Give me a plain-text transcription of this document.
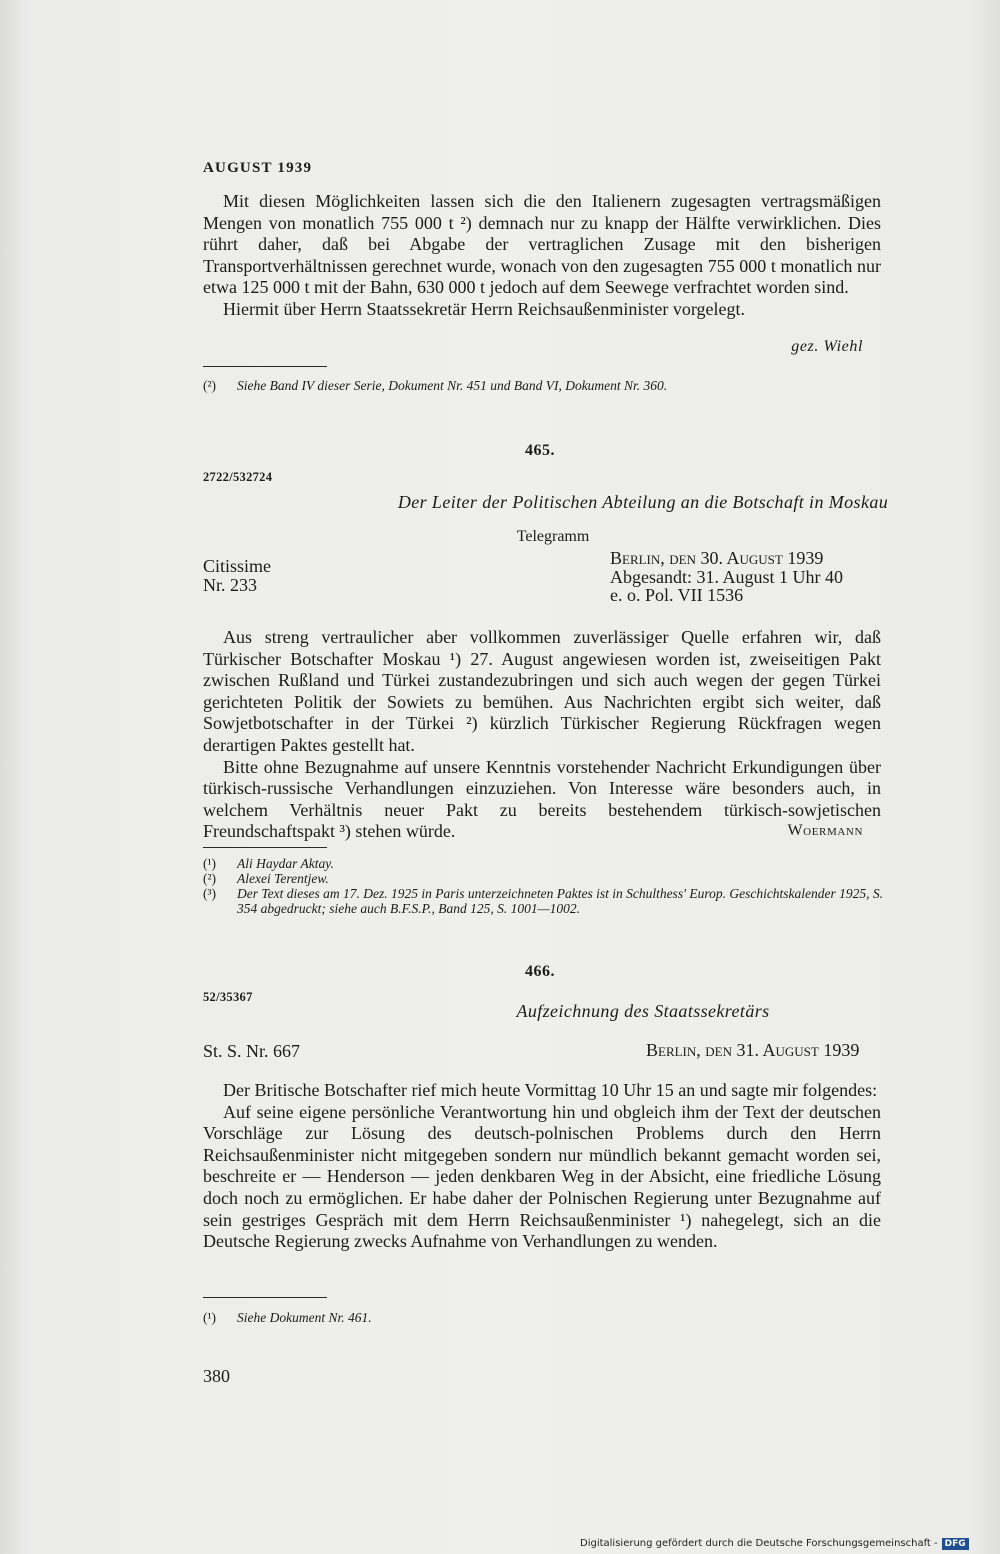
AUGUST 1939

Mit diesen Möglichkeiten lassen sich die den Italienern zugesagten vertragsmäßigen Mengen von monatlich 755 000 t ²) demnach nur zu knapp der Hälfte verwirklichen. Dies rührt daher, daß bei Abgabe der vertraglichen Zusage mit den bisherigen Transportverhältnissen gerechnet wurde, wonach von den zugesagten 755 000 t monatlich nur etwa 125 000 t mit der Bahn, 630 000 t jedoch auf dem Seewege verfrachtet worden sind.

Hiermit über Herrn Staatssekretär Herrn Reichsaußenminister vorgelegt.

gez. Wiehl
(²)	Siehe Band IV dieser Serie, Dokument Nr. 451 und Band VI, Dokument Nr. 360.
465.
2722/532724
Der Leiter der Politischen Abteilung an die Botschaft in Moskau
Telegramm
Citissime
Nr. 233
Berlin, den 30. August 1939
Abgesandt: 31. August 1 Uhr 40
e. o. Pol. VII 1536

Aus streng vertraulicher aber vollkommen zuverlässiger Quelle erfahren wir, daß Türkischer Botschafter Moskau ¹) 27. August angewiesen worden ist, zweiseitigen Pakt zwischen Rußland und Türkei zustandezubringen und sich auch wegen der gegen Türkei gerichteten Politik der Sowiets zu bemühen. Aus Nachrichten ergibt sich weiter, daß Sowjetbotschafter in der Türkei ²) kürzlich Türkischer Regierung Rückfragen wegen derartigen Paktes gestellt hat.

Bitte ohne Bezugnahme auf unsere Kenntnis vorstehender Nachricht Erkundigungen über türkisch-russische Verhandlungen einzuziehen. Von Interesse wäre besonders auch, in welchem Verhältnis neuer Pakt zu bereits bestehendem türkisch-sowjetischen Freundschaftspakt ³) stehen würde.	Woermann
(¹)	Ali Haydar Aktay.
(²)	Alexei Terentjew.
(³)	Der Text dieses am 17. Dez. 1925 in Paris unterzeichneten Paktes ist in Schulthess' Europ. Geschichtskalender 1925, S. 354 abgedruckt; siehe auch B.F.S.P., Band 125, S. 1001—1002.
466.
52/35367
Aufzeichnung des Staatssekretärs
St. S. Nr. 667	Berlin, den 31. August 1939

Der Britische Botschafter rief mich heute Vormittag 10 Uhr 15 an und sagte mir folgendes:

Auf seine eigene persönliche Verantwortung hin und obgleich ihm der Text der deutschen Vorschläge zur Lösung des deutsch-polnischen Problems durch den Herrn Reichsaußenminister nicht mitgegeben sondern nur mündlich bekannt gemacht worden sei, beschreite er — Henderson — jeden denkbaren Weg in der Absicht, eine friedliche Lösung doch noch zu ermöglichen. Er habe daher der Polnischen Regierung unter Bezugnahme auf sein gestriges Gespräch mit dem Herrn Reichsaußenminister ¹) nahegelegt, sich an die Deutsche Regierung zwecks Aufnahme von Verhandlungen zu wenden.

(¹)	Siehe Dokument Nr. 461.
380
Digitalisierung gefördert durch die Deutsche Forschungsgemeinschaft - DFG
